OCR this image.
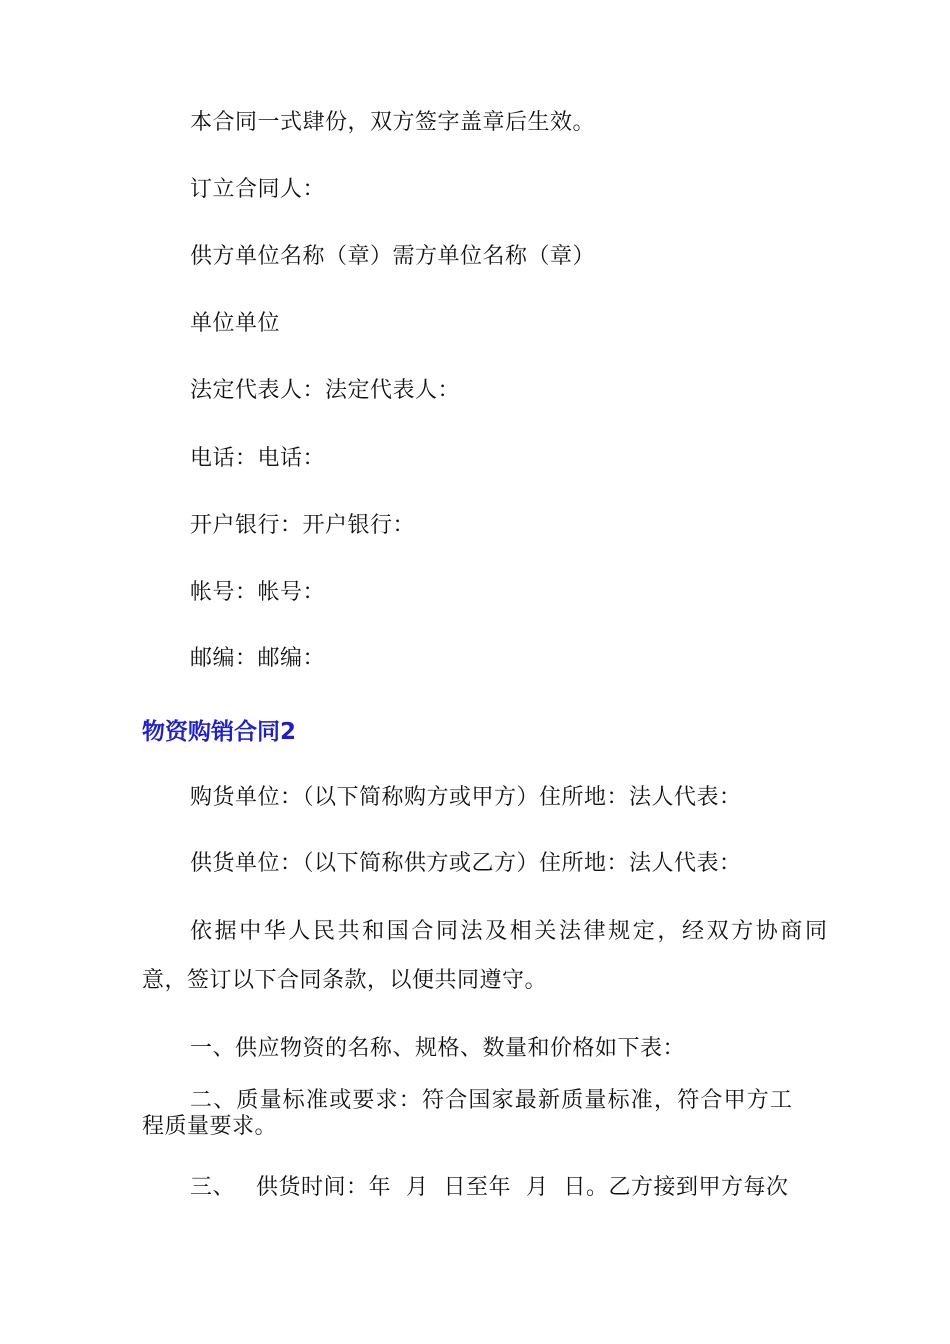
本合同一式肆份，双方签字盖章后生效。
订立合同人：
供方单位名称（章）需方单位名称（章）
单位单位
法定代表人：法定代表人：
电话：电话：
开户银行：开户银行：
帐号：帐号：
邮编：邮编：
物资购销合同2
购货单位：（以下简称购方或甲方）住所地：法人代表：
供货单位：（以下简称供方或乙方）住所地：法人代表：
依据中华人民共和国合同法及相关法律规定，经双方协商同
意，签订以下合同条款，以便共同遵守。
一、供应物资的名称、规格、数量和价格如下表：
二、质量标准或要求：符合国家最新质量标准，符合甲方工
程质量要求。
三、 供货时间：年  月  日至年  月  日。乙方接到甲方每次
